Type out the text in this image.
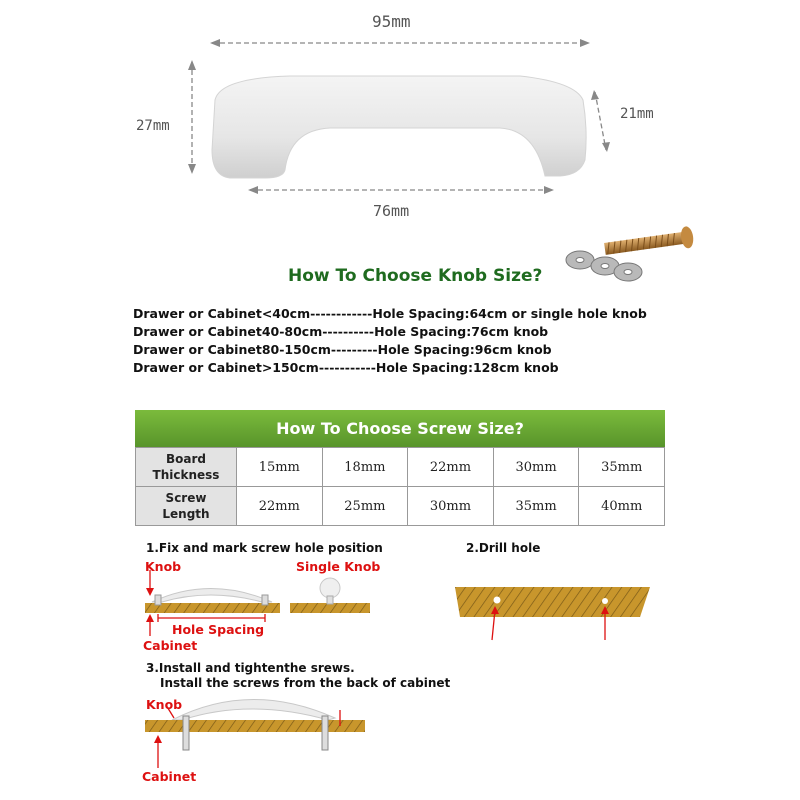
95mm
27mm
21mm
76mm
How To Choose Knob Size?
Drawer or Cabinet<40cm------------Hole Spacing:64cm or single hole knob
Drawer or Cabinet40-80cm----------Hole Spacing:76cm knob
Drawer or Cabinet80-150cm---------Hole Spacing:96cm knob
Drawer or Cabinet>150cm-----------Hole Spacing:128cm knob
How To Choose Screw Size?
Board
Thickness	15mm	18mm	22mm	30mm	35mm

Screw
Length	22mm	25mm	30mm	35mm	40mm
1.Fix and mark screw hole position	2.Drill hole
3.Install and tightenthe srews.
Install the screws from the back of cabinet
Knob	Single Knob
Hole Spacing
Cabinet
Knob
Cabinet
